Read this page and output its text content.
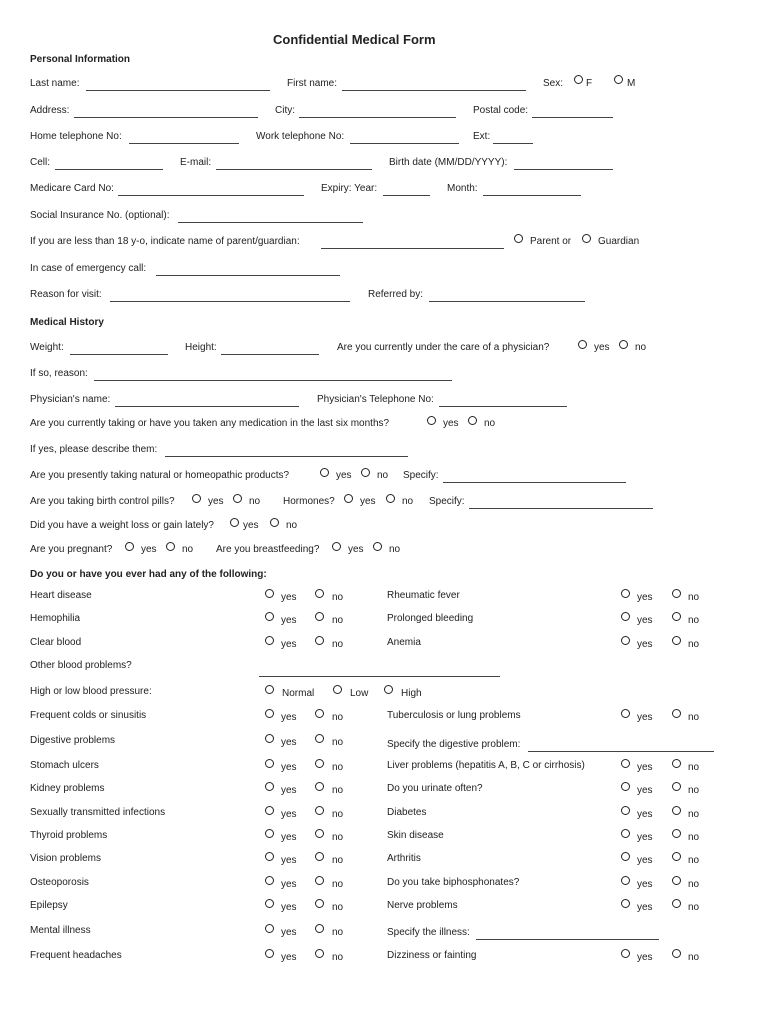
Confidential Medical Form
Personal Information
Last name:	First name:	Sex: F	M
Address:	City:	Postal code:
Home telephone No:	Work telephone No:	Ext:
Cell:	E-mail:	Birth date (MM/DD/YYYY):
Medicare Card No:	Expiry: Year:	Month:
Social Insurance No. (optional):
If you are less than 18 y-o, indicate name of parent/guardian:	Parent or	Guardian
In case of emergency call:
Reason for visit:	Referred by:
Medical History
Weight:	Height:	Are you currently under the care of a physician?	yes	no
If so, reason:
Physician's name:	Physician's Telephone No:
Are you currently taking or have you taken any medication in the last six months?	yes	no
If yes, please describe them:
Are you presently taking natural or homeopathic products?	yes	no Specify:
Are you taking birth control pills?	yes	no Hormones?	yes	no Specify:
Did you have a weight loss or gain lately?	yes	no
Are you pregnant?	yes	no Are you breastfeeding?	yes	no
Do you or have you ever had any of the following:
Heart disease	yes	no	Rheumatic fever	yes	no
Hemophilia	yes	no	Prolonged bleeding	yes	no
Clear blood	yes	no	Anemia	yes	no
Frequent colds or sinusitis	yes	no	Tuberculosis or lung problems	yes	no
Digestive problems	yes	no	Specify the digestive problem:
Stomach ulcers	yes	no	Liver problems (hepatitis A, B, C or cirrhosis)	yes	no
Kidney problems	yes	no	Do you urinate often?	yes	no
Sexually transmitted infections	yes	no	Diabetes	yes	no
Thyroid problems	yes	no	Skin disease	yes	no
Vision problems	yes	no	Arthritis	yes	no
Osteoporosis	yes	no	Do you take biphosphonates?	yes	no
Epilepsy	yes	no	Nerve problems	yes	no
Mental illness	yes	no	Specify the illness:
Frequent headaches	yes	no	Dizziness or fainting	yes	no
Other blood problems?
High or low blood pressure:	Normal	Low	High
